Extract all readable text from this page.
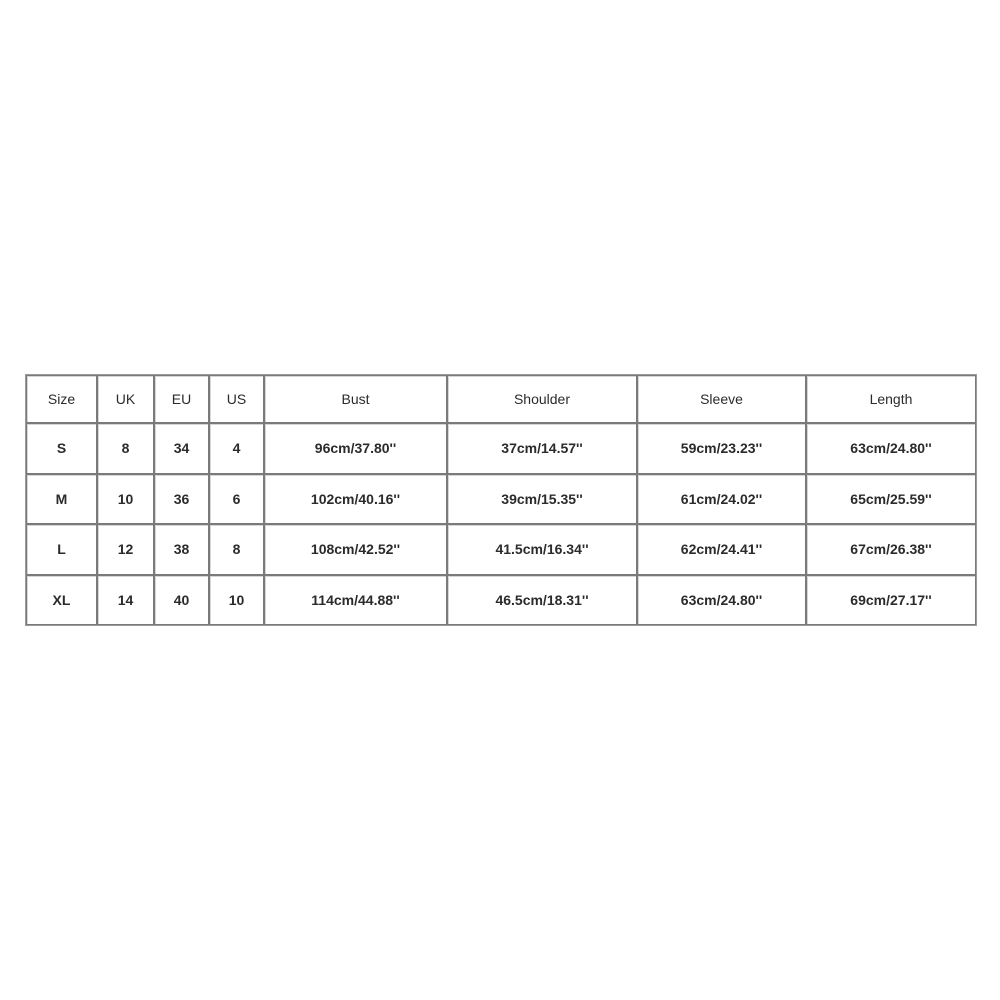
Size	UK	EU	US	Bust	Shoulder	Sleeve	Length
S	8	34	4	96cm/37.80''	37cm/14.57''	59cm/23.23''	63cm/24.80''
M	10	36	6	102cm/40.16''	39cm/15.35''	61cm/24.02''	65cm/25.59''
L	12	38	8	108cm/42.52''	41.5cm/16.34''	62cm/24.41''	67cm/26.38''
XL	14	40	10	114cm/44.88''	46.5cm/18.31''	63cm/24.80''	69cm/27.17''
